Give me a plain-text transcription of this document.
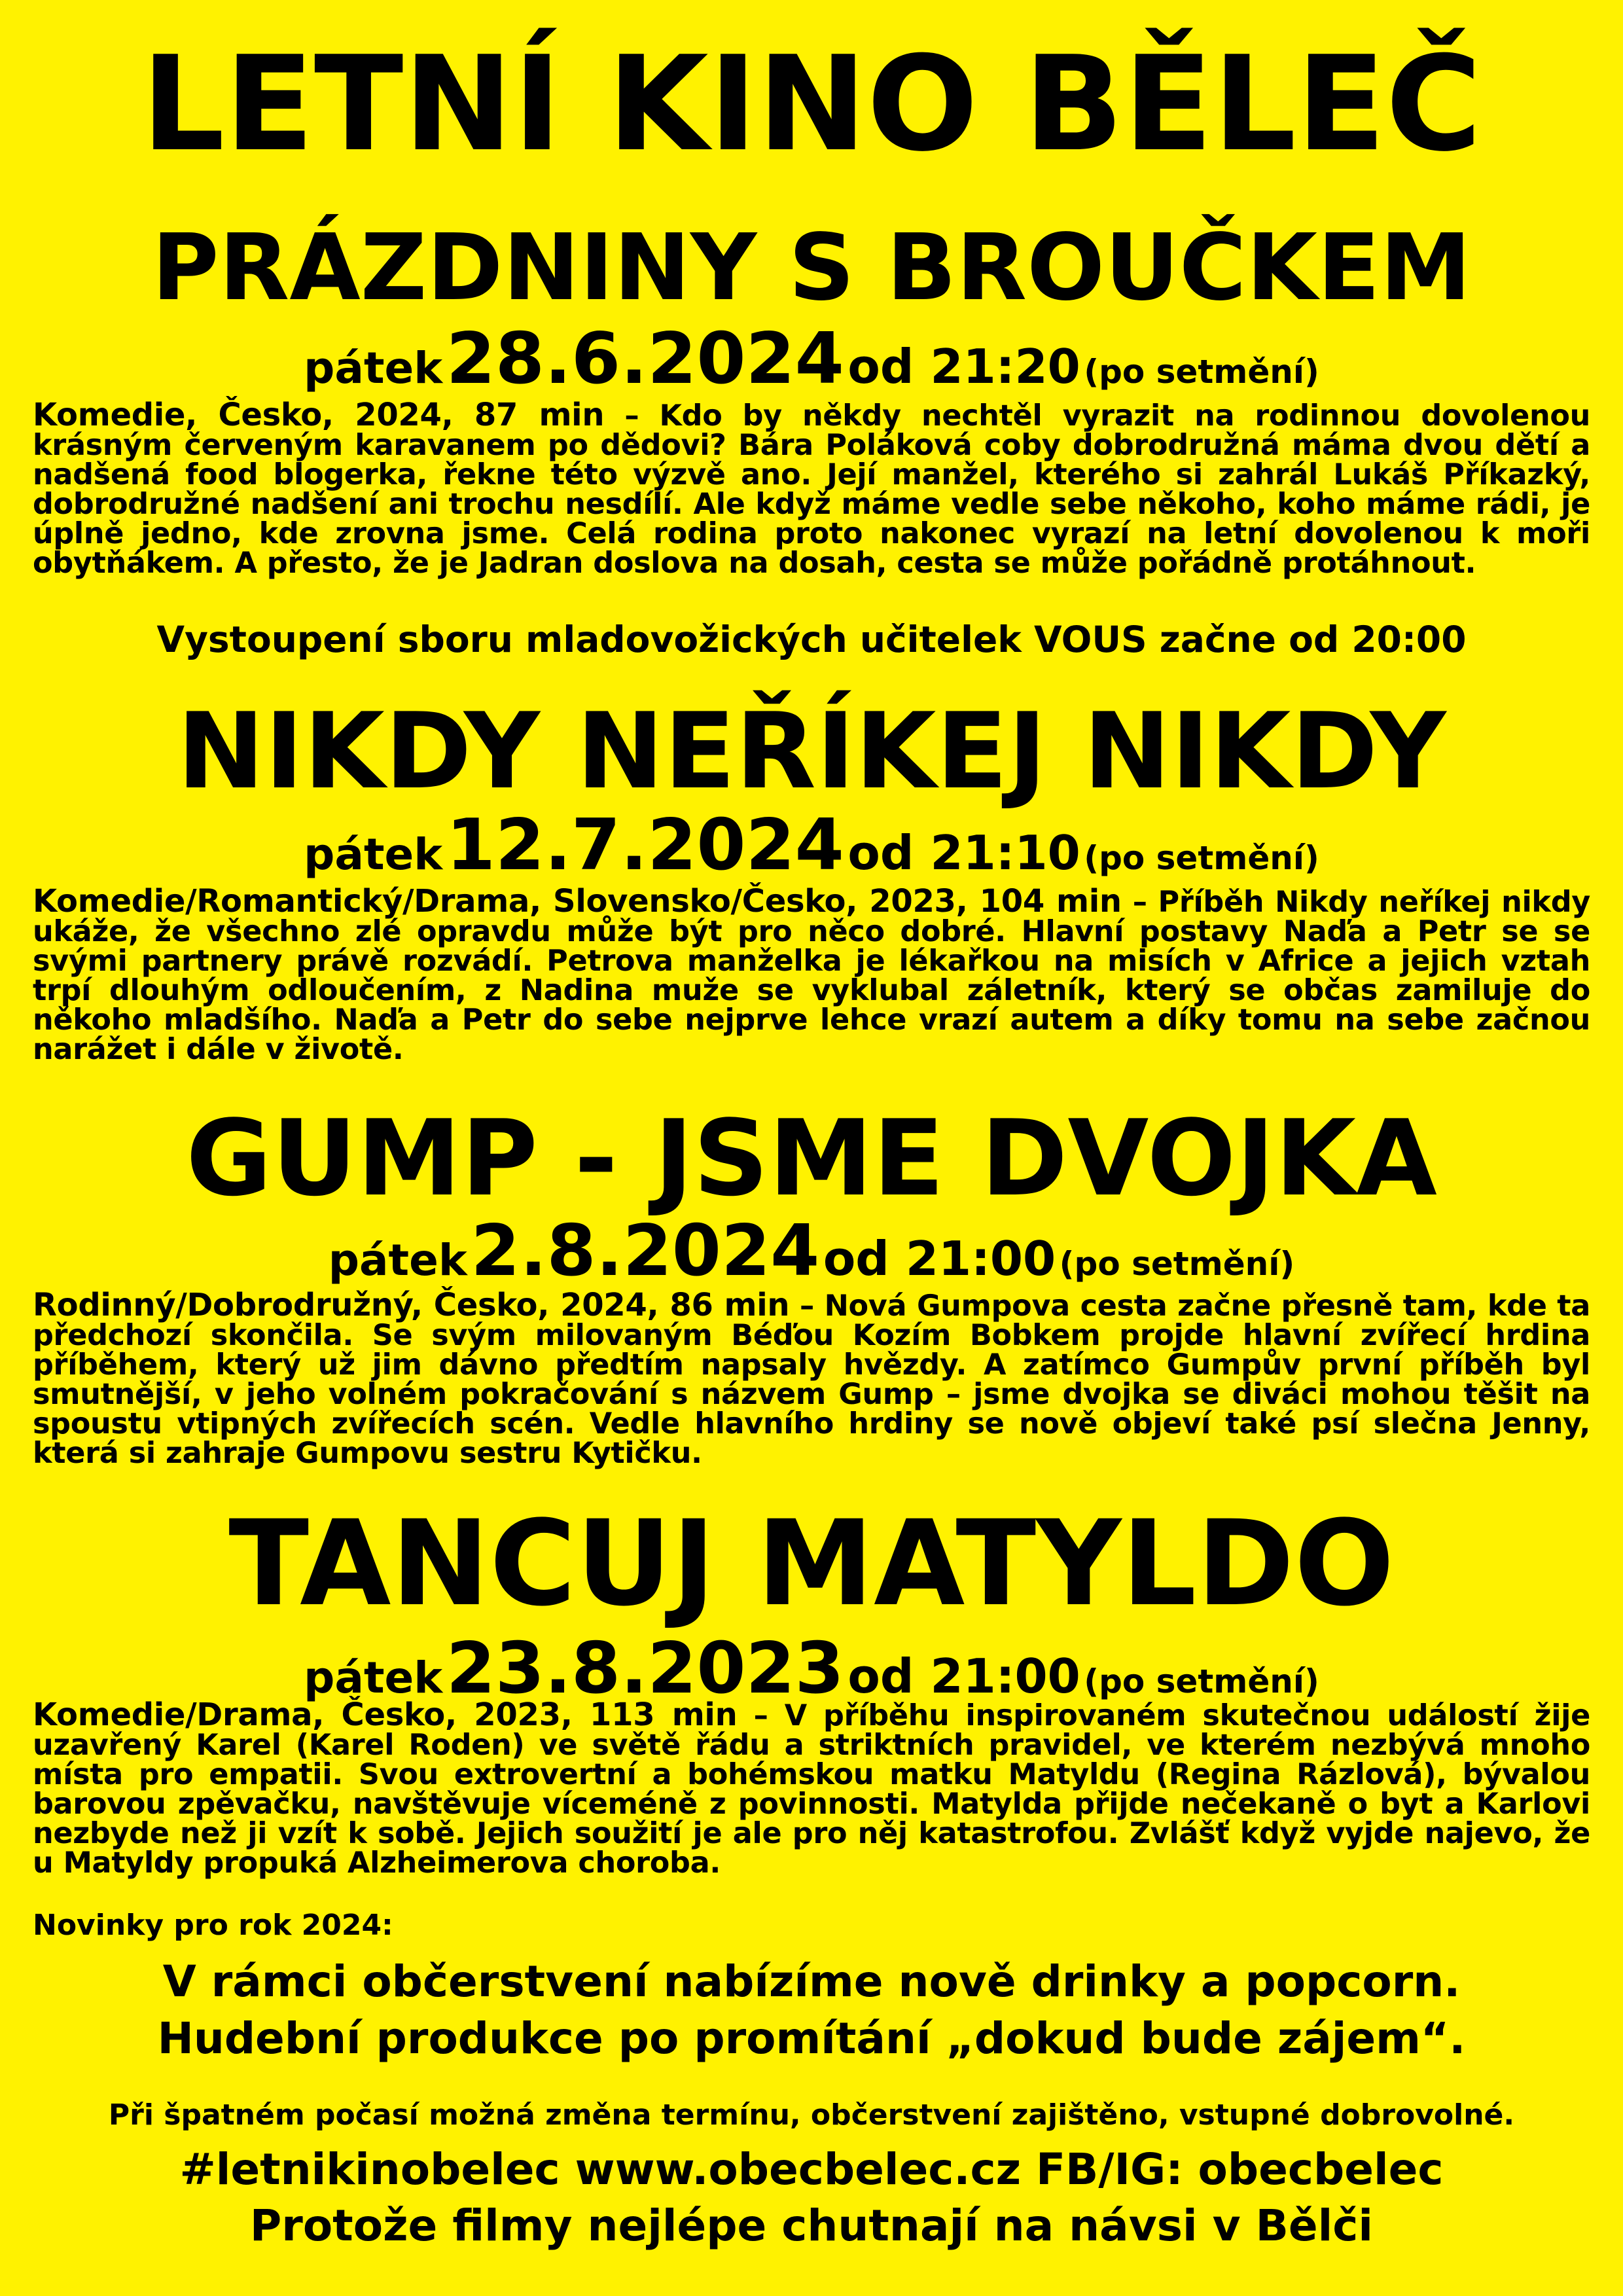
LETNÍ KINO BĚLEČ
PRÁZDNINY S BROUČKEM
pátek 28.6.2024 od 21:20 (po setmění)
Komedie, Česko, 2024, 87 min – Kdo by někdy nechtěl vyrazit na rodinnou dovolenou krásným červeným karavanem po dědovi? Bára Poláková coby dobrodružná máma dvou dětí a nadšená food blogerka, řekne této výzvě ano. Její manžel, kterého si zahrál Lukáš Příkazký, dobrodružné nadšení ani trochu nesdílí. Ale když máme vedle sebe někoho, koho máme rádi, je úplně jedno, kde zrovna jsme. Celá rodina proto nakonec vyrazí na letní dovolenou k moři obytňákem. A přesto, že je Jadran doslova na dosah, cesta se může pořádně protáhnout.
Vystoupení sboru mladovožických učitelek VOUS začne od 20:00
NIKDY NEŘÍKEJ NIKDY
pátek 12.7.2024 od 21:10 (po setmění)
Komedie/Romantický/Drama, Slovensko/Česko, 2023, 104 min – Příběh Nikdy neříkej nikdy ukáže, že všechno zlé opravdu může být pro něco dobré. Hlavní postavy Naďa a Petr se se svými partnery právě rozvádí. Petrova manželka je lékařkou na misích v Africe a jejich vztah trpí dlouhým odloučením, z Nadina muže se vyklubal záletník, který se občas zamiluje do někoho mladšího. Naďa a Petr do sebe nejprve lehce vrazí autem a díky tomu na sebe začnou narážet i dále v životě.
GUMP - JSME DVOJKA
pátek 2.8.2024 od 21:00 (po setmění)
Rodinný/Dobrodružný, Česko, 2024, 86 min – Nová Gumpova cesta začne přesně tam, kde ta předchozí skončila. Se svým milovaným Béďou Kozím Bobkem projde hlavní zvířecí hrdina příběhem, který už jim dávno předtím napsaly hvězdy. A zatímco Gumpův první příběh byl smutnější, v jeho volném pokračování s názvem Gump – jsme dvojka se diváci mohou těšit na spoustu vtipných zvířecích scén. Vedle hlavního hrdiny se nově objeví také psí slečna Jenny, která si zahraje Gumpovu sestru Kytičku.
TANCUJ MATYLDO
pátek 23.8.2023 od 21:00 (po setmění)
Komedie/Drama, Česko, 2023, 113 min – V příběhu inspirovaném skutečnou událostí žije uzavřený Karel (Karel Roden) ve světě řádu a striktních pravidel, ve kterém nezbývá mnoho místa pro empatii. Svou extrovertní a bohémskou matku Matyldu (Regina Rázlová), bývalou barovou zpěvačku, navštěvuje víceméně z povinnosti. Matylda přijde nečekaně o byt a Karlovi nezbyde než ji vzít k sobě. Jejich soužití je ale pro něj katastrofou. Zvlášť když vyjde najevo, že u Matyldy propuká Alzheimerova choroba.
Novinky pro rok 2024:
V rámci občerstvení nabízíme nově drinky a popcorn.
Hudební produkce po promítání „dokud bude zájem“.
Při špatném počasí možná změna termínu, občerstvení zajištěno, vstupné dobrovolné.
#letnikinobelec www.obecbelec.cz FB/IG: obecbelec
Protože filmy nejlépe chutnají na návsi v Bělči
